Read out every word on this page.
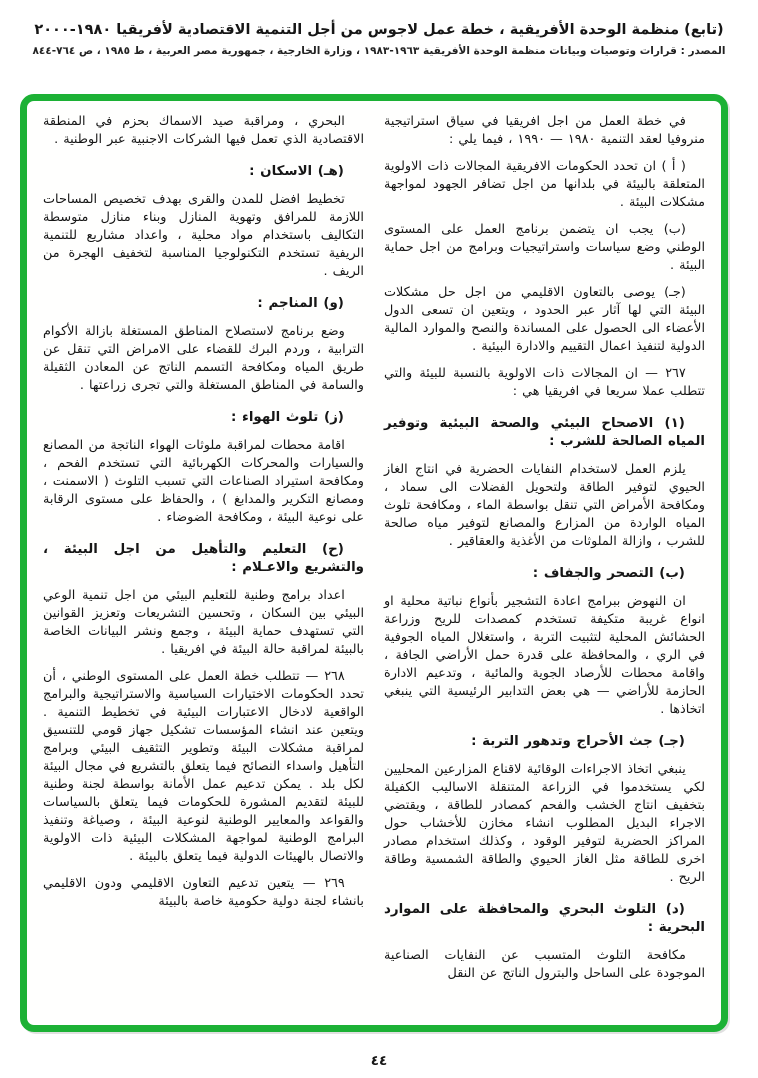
(تابع) منظمة الوحدة الأفريقية ، خطة عمل لاجوس من أجل التنمية الاقتصادية لأفريقيا ١٩٨٠-٢٠٠٠
المصدر : قرارات وتوصيات وبيانات منظمة الوحدة الأفريقية ١٩٦٣-١٩٨٣ ، وزارة الخارجية ، جمهورية مصر العربية ، ط ١٩٨٥ ، ص ٧٦٤-٨٤٤

في خطة العمل من اجل افريقيا في سياق استراتيجية منروفيا لعقد التنمية ١٩٨٠ — ١٩٩٠ ، فيما يلي :

( أ ) ان تحدد الحكومات الافريقية المجالات ذات الاولوية المتعلقة بالبيئة في بلدانها من اجل تضافر الجهود لمواجهة مشكلات البيئة .

(ب) يجب ان يتضمن برنامج العمل على المستوى الوطني وضع سياسات واستراتيجيات وبرامج من اجل حماية البيئة .

(جـ) يوصى بالتعاون الاقليمي من اجل حل مشكلات البيئة التي لها آثار عبر الحدود ، ويتعين ان تسعى الدول الأعضاء الى الحصول على المساندة والنصح والموارد المالية الدولية لتنفيذ اعمال التقييم والادارة البيئية .

٢٦٧ — ان المجالات ذات الاولوية بالنسبة للبيئة والتي تتطلب عملا سريعا في افريقيا هي :

(١) الاصحاح البيئي والصحة البيئية وتوفير المياه الصالحة للشرب :

يلزم العمل لاستخدام النفايات الحضرية في انتاج الغاز الحيوي لتوفير الطاقة ولتحويل الفضلات الى سماد ، ومكافحة الأمراض التي تنقل بواسطة الماء ، ومكافحة تلوث المياه الواردة من المزارع والمصانع لتوفير مياه صالحة للشرب ، وازالة الملوثات من الأغذية والعقاقير .

(ب) التصحر والجفاف :

ان النهوض ببرامج اعادة التشجير بأنواع نباتية محلية او انواع غريبة متكيفة تستخدم كمصدات للريح وزراعة الحشائش المحلية لتثبيت التربة ، واستغلال المياه الجوفية في الري ، والمحافظة على قدرة حمل الأراضي الجافة ، واقامة محطات للأرصاد الجوية والمائية ، وتدعيم الادارة الحازمة للأراضي — هي بعض التدابير الرئيسية التي ينبغي اتخاذها .

(جـ) جث الأحراج وتدهور التربة :

ينبغي اتخاذ الاجراءات الوقائية لاقناع المزارعين المحليين لكي يستخدموا في الزراعة المتنقلة الاساليب الكفيلة بتخفيف انتاج الخشب والفحم كمصادر للطاقة ، ويقتضي الاجراء البديل المطلوب انشاء مخازن للأخشاب حول المراكز الحضرية لتوفير الوقود ، وكذلك استخدام مصادر اخرى للطاقة مثل الغاز الحيوي والطاقة الشمسية وطاقة الريح .

(د) التلوث البحري والمحافظة على الموارد البحرية :

مكافحة التلوث المتسبب عن النفايات الصناعية الموجودة على الساحل والبترول الناتج عن النقل

البحري ، ومراقبة صيد الاسماك بحزم في المنطقة الاقتصادية الذي تعمل فيها الشركات الاجنبية عبر الوطنية .

(هـ) الاسكان :

تخطيط افضل للمدن والقرى بهدف تخصيص المساحات اللازمة للمرافق وتهوية المنازل وبناء منازل متوسطة التكاليف باستخدام مواد محلية ، واعداد مشاريع للتنمية الريفية تستخدم التكنولوجيا المناسبة لتخفيف الهجرة من الريف .

(و) المناجم :

وضع برنامج لاستصلاح المناطق المستغلة بازالة الأكوام الترابية ، وردم البرك للقضاء على الامراض التي تنقل عن طريق المياه ومكافحة التسمم الناتج عن المعادن الثقيلة والسامة في المناطق المستغلة والتي تجرى زراعتها .

(ز) تلوث الهواء :

اقامة محطات لمراقبة ملوثات الهواء الناتجة من المصانع والسيارات والمحركات الكهربائية التي تستخدم الفحم ، ومكافحة استيراد الصناعات التي تسبب التلوث ( الاسمنت ، ومصانع التكرير والمدابغ ) ، والحفاظ على مستوى الرقابة على نوعية البيئة ، ومكافحة الضوضاء .

(ح) التعليم والتأهيل من اجل البيئة ، والتشريع والاعـلام :

اعداد برامج وطنية للتعليم البيئي من اجل تنمية الوعي البيئي بين السكان ، وتحسين التشريعات وتعزيز القوانين التي تستهدف حماية البيئة ، وجمع ونشر البيانات الخاصة بالبيئة لمراقبة حالة البيئة في افريقيا .

٢٦٨ — تتطلب خطة العمل على المستوى الوطني ، أن تحدد الحكومات الاختيارات السياسية والاستراتيجية والبرامج الواقعية لادخال الاعتبارات البيئية في تخطيط التنمية . ويتعين عند انشاء المؤسسات تشكيل جهاز قومي للتنسيق لمراقبة مشكلات البيئة وتطوير التثقيف البيئي وبرامج التأهيل واسداء النصائح فيما يتعلق بالتشريع في مجال البيئة لكل بلد . يمكن تدعيم عمل الأمانة بواسطة لجنة وطنية للبيئة لتقديم المشورة للحكومات فيما يتعلق بالسياسات والقواعد والمعايير الوطنية لنوعية البيئة ، وصياغة وتنفيذ البرامج الوطنية لمواجهة المشكلات البيئية ذات الاولوية والاتصال بالهيئات الدولية فيما يتعلق بالبيئة .

٢٦٩ — يتعين تدعيم التعاون الاقليمي ودون الاقليمي بانشاء لجنة دولية حكومية خاصة بالبيئة

٤٤
